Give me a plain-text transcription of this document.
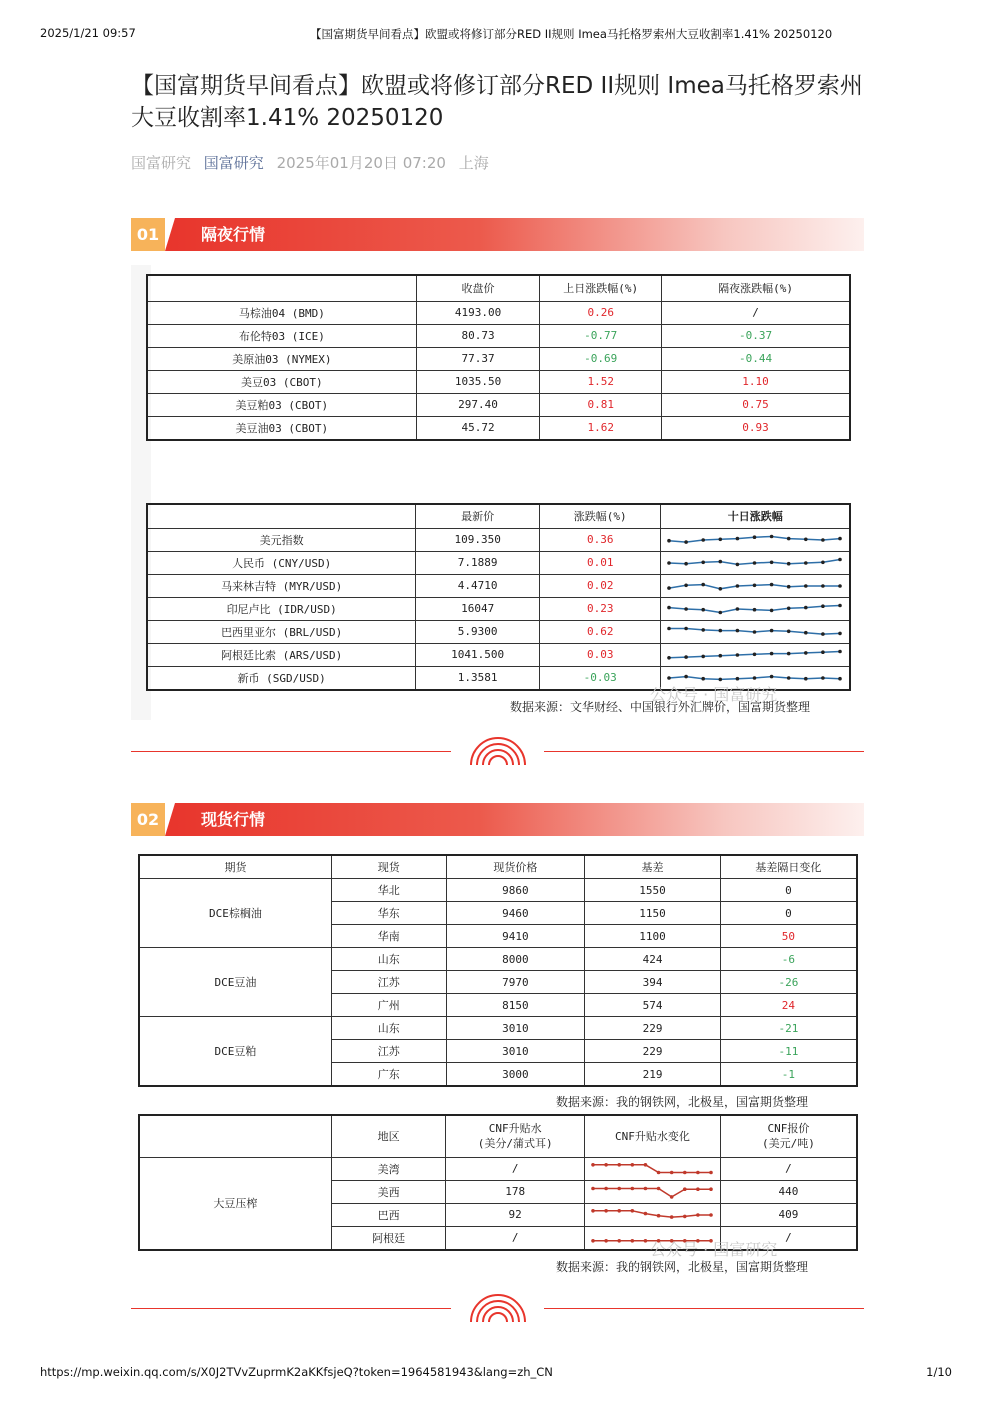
2025/1/21 09:57	【国富期货早间看点】欧盟或将修订部分RED II规则 Imea马托格罗索州大豆收割率1.41% 20250120
【国富期货早间看点】欧盟或将修订部分RED II规则 Imea马托格罗索州大豆收割率1.41% 20250120
国富研究 国富研究 2025年01月20日 07:20 上海
01	隔夜行情
	收盘价	上日涨跌幅(%)	隔夜涨跌幅(%)
马棕油04 (BMD)	4193.00	0.26	/
布伦特03 (ICE)	80.73	-0.77	-0.37
美原油03 (NYMEX)	77.37	-0.69	-0.44
美豆03 (CBOT)	1035.50	1.52	1.10
美豆粕03 (CBOT)	297.40	0.81	0.75
美豆油03 (CBOT)	45.72	1.62	0.93
	最新价	涨跌幅(%)	十日涨跌幅
美元指数	109.350	0.36	

人民币 (CNY/USD)	7.1889	0.01	

马来林吉特 (MYR/USD)	4.4710	0.02	

印尼卢比 (IDR/USD)	16047	0.23	

巴西里亚尔 (BRL/USD)	5.9300	0.62	

阿根廷比索 (ARS/USD)	1041.500	0.03	

新币 (SGD/USD)	1.3581	-0.03	
公众号 · 国富研究
数据来源：文华财经、中国银行外汇牌价，国富期货整理
02	现货行情
期货	现货	现货价格	基差	基差隔日变化
DCE棕榈油	华北	9860	1550	0
	华东	9460	1150	0
	华南	9410	1100	50
DCE豆油	山东	8000	424	-6
	江苏	7970	394	-26
	广州	8150	574	24
DCE豆粕	山东	3010	229	-21
	江苏	3010	229	-11
	广东	3000	219	-1
数据来源：我的钢铁网，北极星，国富期货整理
	地区	CNF升贴水
(美分/蒲式耳)	CNF升贴水变化	CNF报价
(美元/吨)
大豆压榨	美湾	/		/
	美西	178		440
	巴西	92		409
	阿根廷	/		/
公众号 · 国富研究
数据来源：我的钢铁网，北极星，国富期货整理
https://mp.weixin.qq.com/s/X0J2TVvZuprmK2aKKfsjeQ?token=1964581943&lang=zh_CN	1/10
